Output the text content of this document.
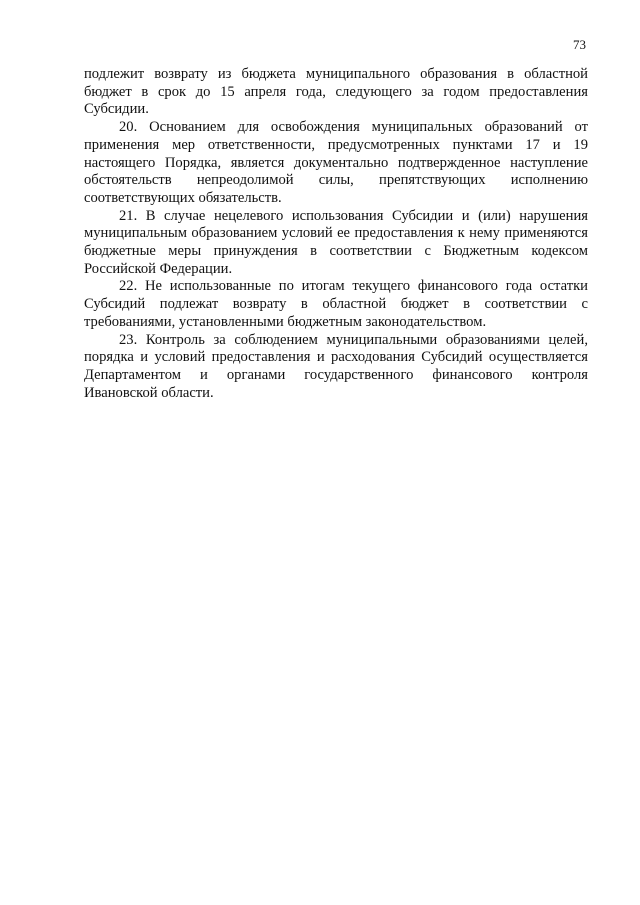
73

подлежит возврату из бюджета муниципального образования в областной бюджет в срок до 15 апреля года, следующего за годом предоставления Субсидии.

20. Основанием для освобождения муниципальных образований от применения мер ответственности, предусмотренных пунктами 17 и 19 настоящего Порядка, является документально подтвержденное наступление обстоятельств непреодолимой силы, препятствующих исполнению соответствующих обязательств.

21. В случае нецелевого использования Субсидии и (или) нарушения муниципальным образованием условий ее предоставления к нему применяются бюджетные меры принуждения в соответствии с Бюджетным кодексом Российской Федерации.

22. Не использованные по итогам текущего финансового года остатки Субсидий подлежат возврату в областной бюджет в соответствии с требованиями, установленными бюджетным законодательством.

23. Контроль за соблюдением муниципальными образованиями целей, порядка и условий предоставления и расходования Субсидий осуществляется Департаментом и органами государственного финансового контроля Ивановской области.
